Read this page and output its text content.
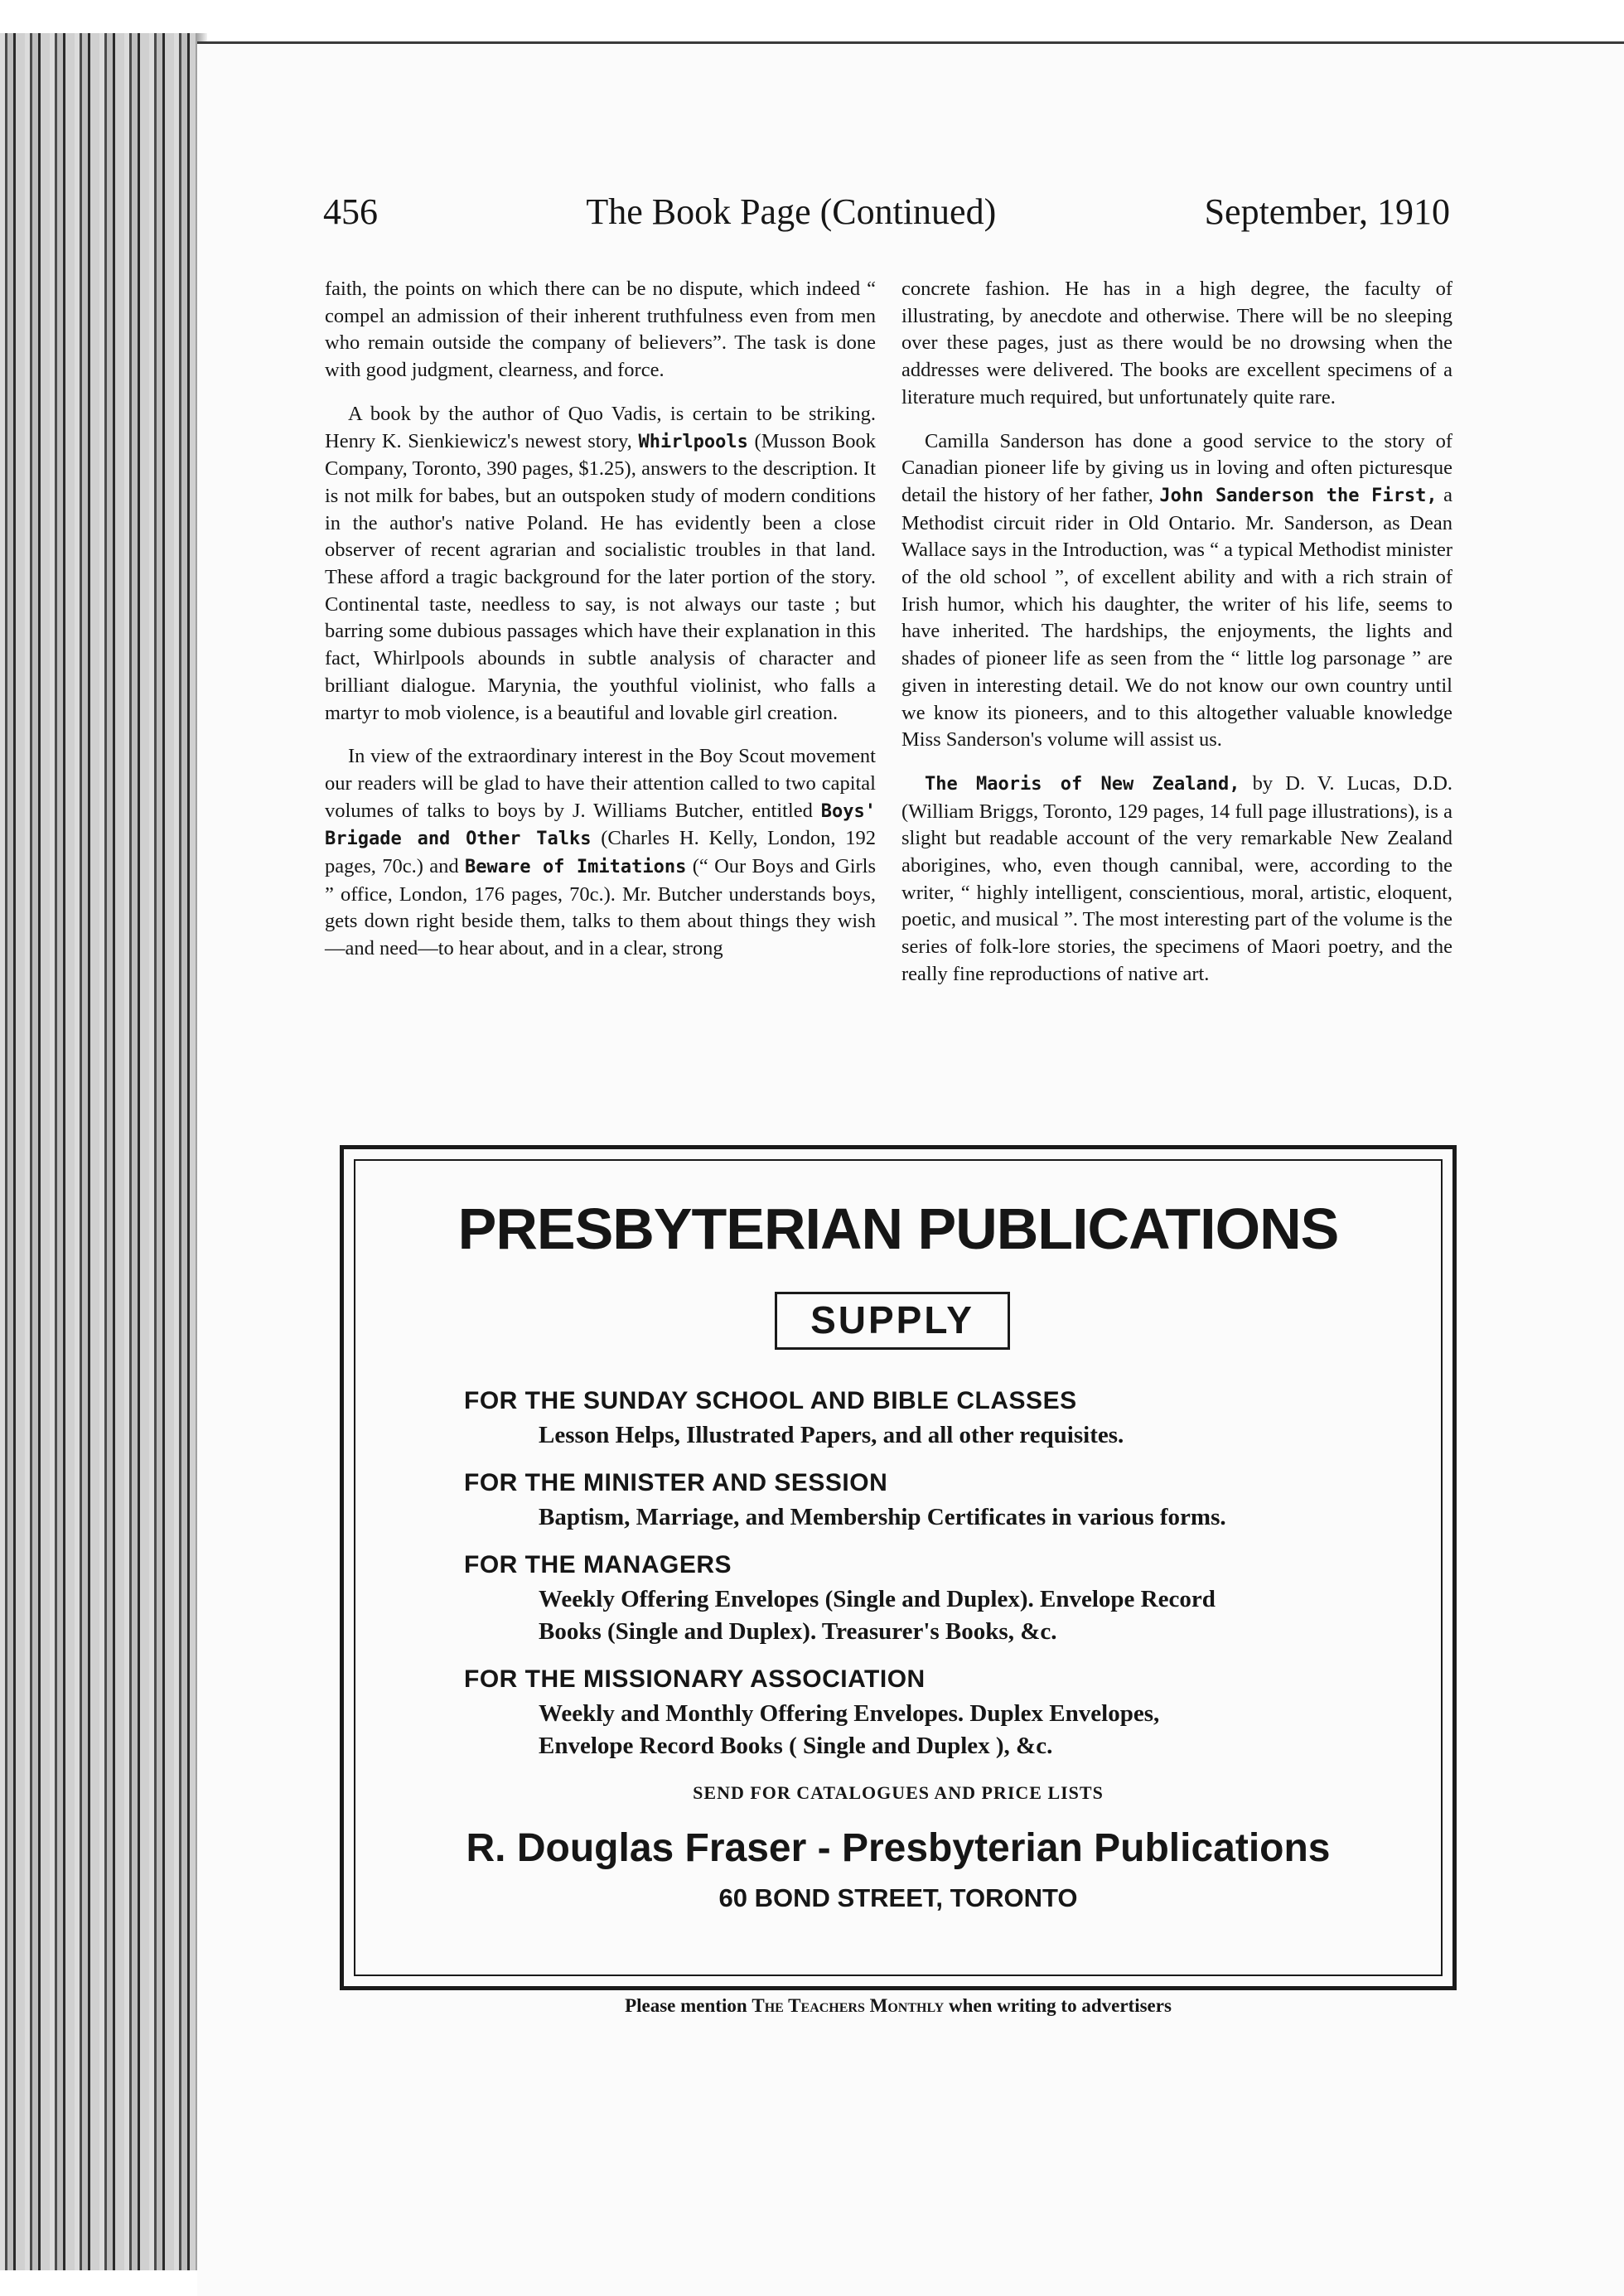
456	The Book Page (Continued)	September, 1910

faith, the points on which there can be no dispute, which indeed “ compel an admission of their inherent truthfulness even from men who remain outside the company of believers”. The task is done with good judgment, clearness, and force.

A book by the author of Quo Vadis, is certain to be striking. Henry K. Sienkiewicz's newest story, Whirlpools (Musson Book Company, Toronto, 390 pages, $1.25), answers to the description. It is not milk for babes, but an outspoken study of modern conditions in the author's native Poland. He has evidently been a close observer of recent agrarian and socialistic troubles in that land. These afford a tragic background for the later portion of the story. Continental taste, needless to say, is not always our taste ; but barring some dubious passages which have their explanation in this fact, Whirlpools abounds in subtle analysis of character and brilliant dialogue. Marynia, the youthful violinist, who falls a martyr to mob violence, is a beautiful and lovable girl creation.

In view of the extraordinary interest in the Boy Scout movement our readers will be glad to have their attention called to two capital volumes of talks to boys by J. Williams Butcher, entitled Boys' Brigade and Other Talks (Charles H. Kelly, London, 192 pages, 70c.) and Beware of Imitations (“ Our Boys and Girls ” office, London, 176 pages, 70c.). Mr. Butcher understands boys, gets down right beside them, talks to them about things they wish—and need—to hear about, and in a clear, strong

concrete fashion. He has in a high degree, the faculty of illustrating, by anecdote and otherwise. There will be no sleeping over these pages, just as there would be no drowsing when the addresses were delivered. The books are excellent specimens of a literature much required, but unfortunately quite rare.

Camilla Sanderson has done a good service to the story of Canadian pioneer life by giving us in loving and often picturesque detail the history of her father, John Sanderson the First, a Methodist circuit rider in Old Ontario. Mr. Sanderson, as Dean Wallace says in the Introduction, was “ a typical Methodist minister of the old school ”, of excellent ability and with a rich strain of Irish humor, which his daughter, the writer of his life, seems to have inherited. The hardships, the enjoyments, the lights and shades of pioneer life as seen from the “ little log parsonage ” are given in interesting detail. We do not know our own country until we know its pioneers, and to this altogether valuable knowledge Miss Sanderson's volume will assist us.

The Maoris of New Zealand, by D. V. Lucas, D.D. (William Briggs, Toronto, 129 pages, 14 full page illustrations), is a slight but readable account of the very remarkable New Zealand aborigines, who, even though cannibal, were, according to the writer, “ highly intelligent, conscientious, moral, artistic, eloquent, poetic, and musical ”. The most interesting part of the volume is the series of folk-lore stories, the specimens of Maori poetry, and the really fine reproductions of native art.

PRESBYTERIAN PUBLICATIONS
SUPPLY
FOR THE SUNDAY SCHOOL AND BIBLE CLASSES
Lesson Helps, Illustrated Papers, and all other requisites.
FOR THE MINISTER AND SESSION
Baptism, Marriage, and Membership Certificates in various forms.
FOR THE MANAGERS
Weekly Offering Envelopes (Single and Duplex). Envelope Record
Books (Single and Duplex). Treasurer's Books, &c.
FOR THE MISSIONARY ASSOCIATION
Weekly and Monthly Offering Envelopes. Duplex Envelopes,
Envelope Record Books ( Single and Duplex ), &c.
SEND FOR CATALOGUES AND PRICE LISTS
R. Douglas Fraser - Presbyterian Publications
60 BOND STREET, TORONTO
Please mention The Teachers Monthly when writing to advertisers
